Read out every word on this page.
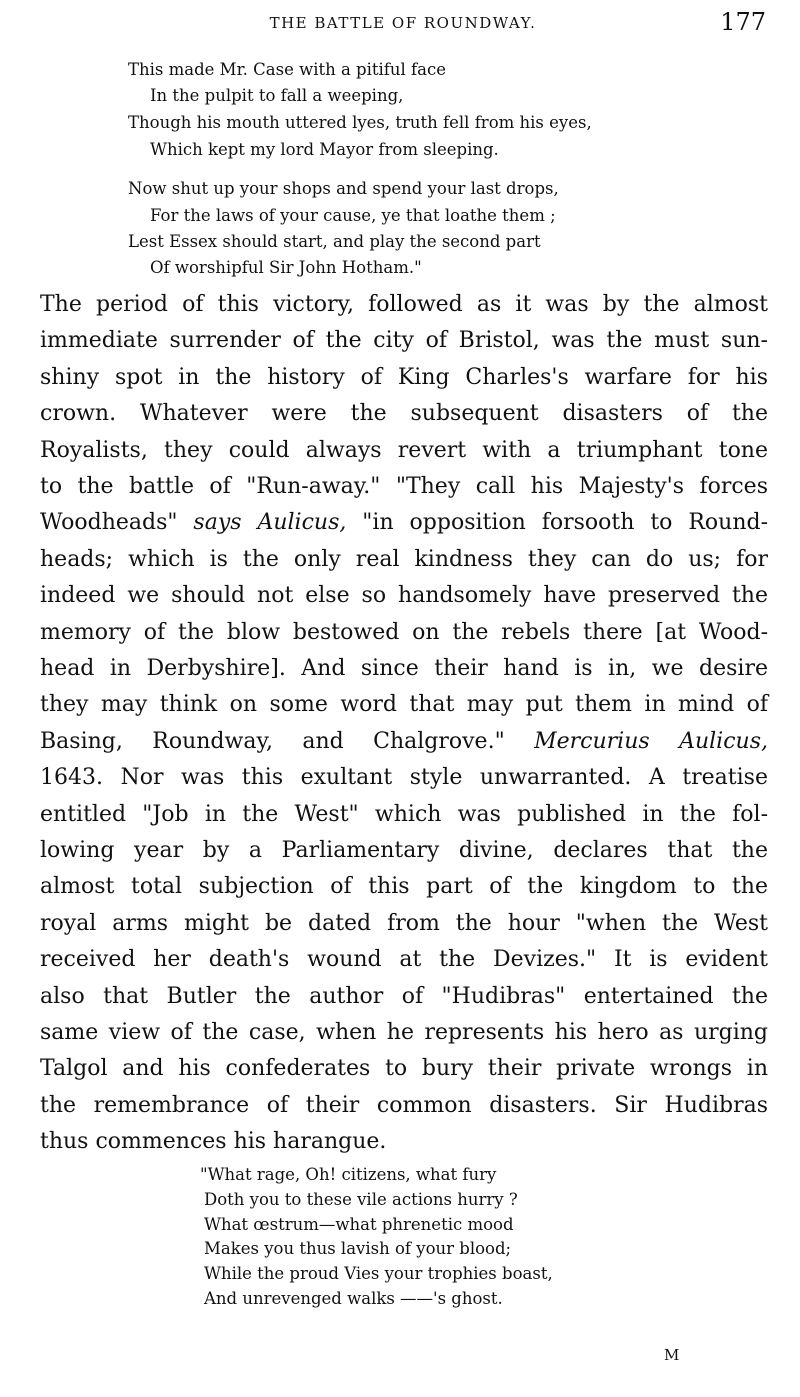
THE BATTLE OF ROUNDWAY.	177
This made Mr. Case with a pitiful face
In the pulpit to fall a weeping,
Though his mouth uttered lyes, truth fell from his eyes,
Which kept my lord Mayor from sleeping.
Now shut up your shops and spend your last drops,
For the laws of your cause, ye that loathe them ;
Lest Essex should start, and play the second part
Of worshipful Sir John Hotham."
The period of this victory, followed as it was by the almost
immediate surrender of the city of Bristol, was the must sun-
shiny spot in the history of King Charles's warfare for his
crown. Whatever were the subsequent disasters of the
Royalists, they could always revert with a triumphant tone
to the battle of "Run-away." "They call his Majesty's forces
Woodheads" says Aulicus, "in opposition forsooth to Round-
heads; which is the only real kindness they can do us; for
indeed we should not else so handsomely have preserved the
memory of the blow bestowed on the rebels there [at Wood-
head in Derbyshire]. And since their hand is in, we desire
they may think on some word that may put them in mind of
Basing, Roundway, and Chalgrove." Mercurius Aulicus,
1643. Nor was this exultant style unwarranted. A treatise
entitled "Job in the West" which was published in the fol-
lowing year by a Parliamentary divine, declares that the
almost total subjection of this part of the kingdom to the
royal arms might be dated from the hour "when the West
received her death's wound at the Devizes." It is evident
also that Butler the author of "Hudibras" entertained the
same view of the case, when he represents his hero as urging
Talgol and his confederates to bury their private wrongs in
the remembrance of their common disasters. Sir Hudibras
thus commences his harangue.
"What rage, Oh! citizens, what fury
Doth you to these vile actions hurry ?
What œstrum—what phrenetic mood
Makes you thus lavish of your blood;
While the proud Vies your trophies boast,
And unrevenged walks ——'s ghost.
M
